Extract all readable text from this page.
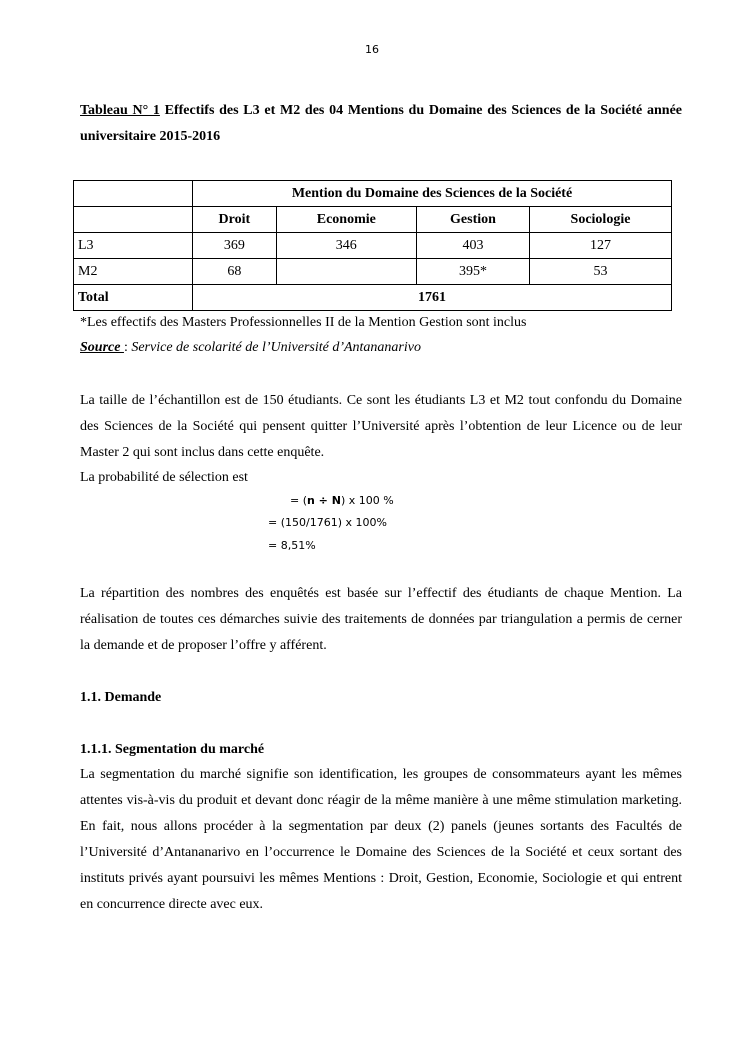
16
Tableau N° 1 Effectifs des L3 et M2 des 04 Mentions du Domaine des Sciences de la Société année universitaire 2015-2016
	Mention du Domaine des Sciences de la Société			
	Droit	Economie	Gestion	Sociologie
L3	369	346	403	127
M2	68		395*	53
Total	1761			
*Les effectifs des Masters Professionnelles II de la Mention Gestion sont inclus
Source : Service de scolarité de l’Université d’Antananarivo
La taille de l’échantillon est de 150 étudiants. Ce sont les étudiants L3 et M2 tout confondu du Domaine des Sciences de la Société qui pensent quitter l’Université après l’obtention de leur Licence ou de leur Master 2 qui sont inclus dans cette enquête.
La probabilité de sélection est
= (n ÷ N) x 100 %
= (150/1761) x 100%
= 8,51%
La répartition des nombres des enquêtés est basée sur l’effectif des étudiants de chaque Mention. La réalisation de toutes ces démarches suivie des traitements de données par triangulation a permis de cerner la demande et de proposer l’offre y afférent.
1.1. Demande
1.1.1. Segmentation du marché
La segmentation du marché signifie son identification, les groupes de consommateurs ayant les mêmes attentes vis-à-vis du produit et devant donc réagir de la même manière à une même stimulation marketing. En fait, nous allons procéder à la segmentation par deux (2) panels (jeunes sortants des Facultés de l’Université d’Antananarivo en l’occurrence le Domaine des Sciences de la Société et ceux sortant des instituts privés ayant poursuivi les mêmes Mentions : Droit, Gestion, Economie, Sociologie et qui entrent en concurrence directe avec eux.
